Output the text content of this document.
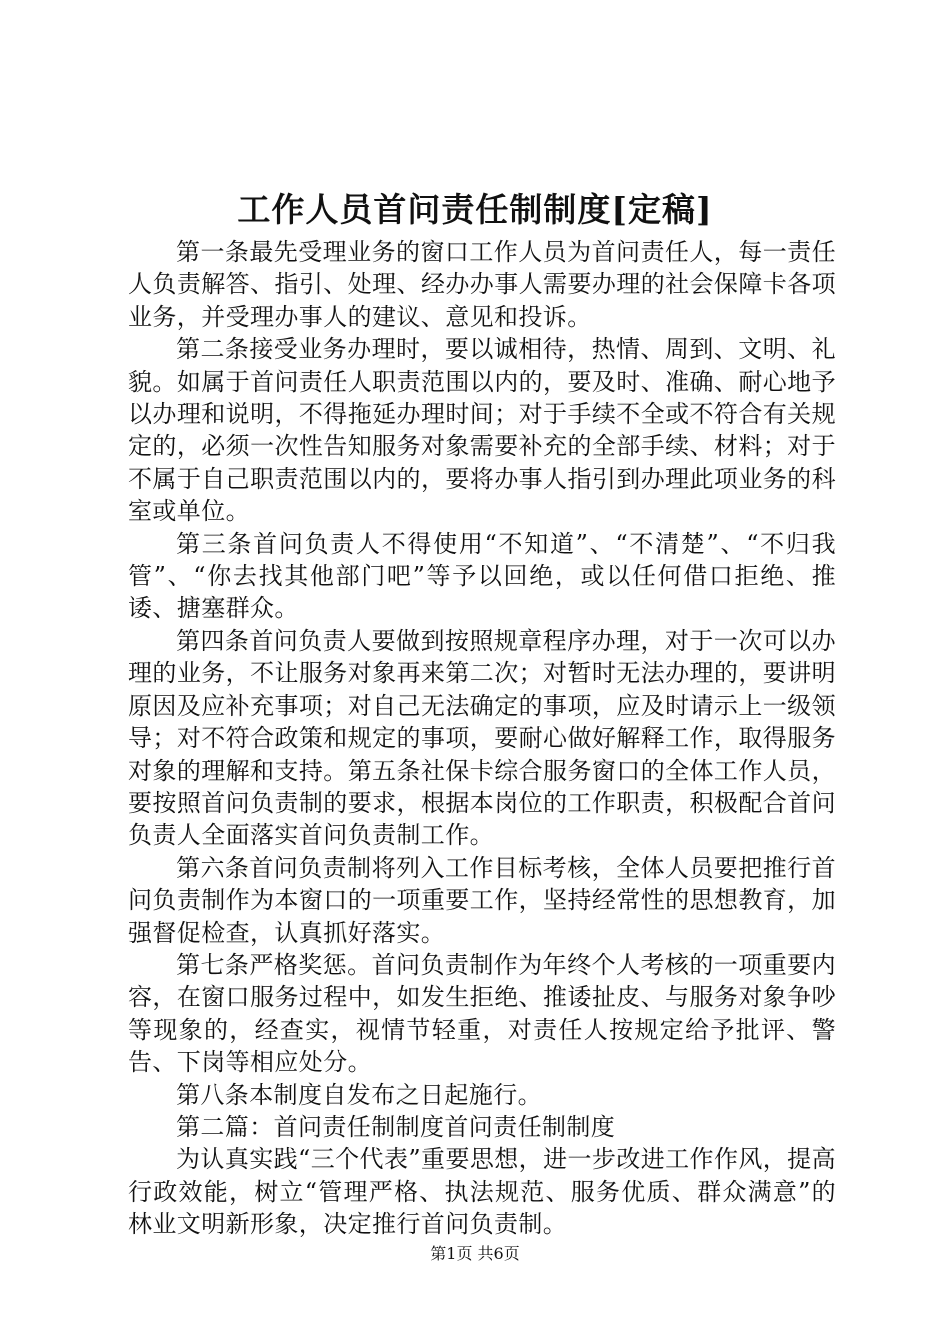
工作人员首问责任制制度[定稿]

第一条最先受理业务的窗口工作人员为首问责任人，每一责任人负责解答、指引、处理、经办办事人需要办理的社会保障卡各项业务，并受理办事人的建议、意见和投诉。

第二条接受业务办理时，要以诚相待，热情、周到、文明、礼貌。如属于首问责任人职责范围以内的，要及时、准确、耐心地予以办理和说明，不得拖延办理时间；对于手续不全或不符合有关规定的，必须一次性告知服务对象需要补充的全部手续、材料；对于不属于自己职责范围以内的，要将办事人指引到办理此项业务的科室或单位。

第三条首问负责人不得使用“不知道”、“不清楚”、“不归我管”、“你去找其他部门吧”等予以回绝，或以任何借口拒绝、推诿、搪塞群众。

第四条首问负责人要做到按照规章程序办理，对于一次可以办理的业务，不让服务对象再来第二次；对暂时无法办理的，要讲明原因及应补充事项；对自己无法确定的事项，应及时请示上一级领导；对不符合政策和规定的事项，要耐心做好解释工作，取得服务对象的理解和支持。第五条社保卡综合服务窗口的全体工作人员，要按照首问负责制的要求，根据本岗位的工作职责，积极配合首问负责人全面落实首问负责制工作。

第六条首问负责制将列入工作目标考核，全体人员要把推行首问负责制作为本窗口的一项重要工作，坚持经常性的思想教育，加强督促检查，认真抓好落实。

第七条严格奖惩。首问负责制作为年终个人考核的一项重要内容，在窗口服务过程中，如发生拒绝、推诿扯皮、与服务对象争吵等现象的，经查实，视情节轻重，对责任人按规定给予批评、警告、下岗等相应处分。

第八条本制度自发布之日起施行。

第二篇：首问责任制制度首问责任制制度

为认真实践“三个代表”重要思想，进一步改进工作作风，提高行政效能，树立“管理严格、执法规范、服务优质、群众满意”的林业文明新形象，决定推行首问负责制。

第1页 共6页
